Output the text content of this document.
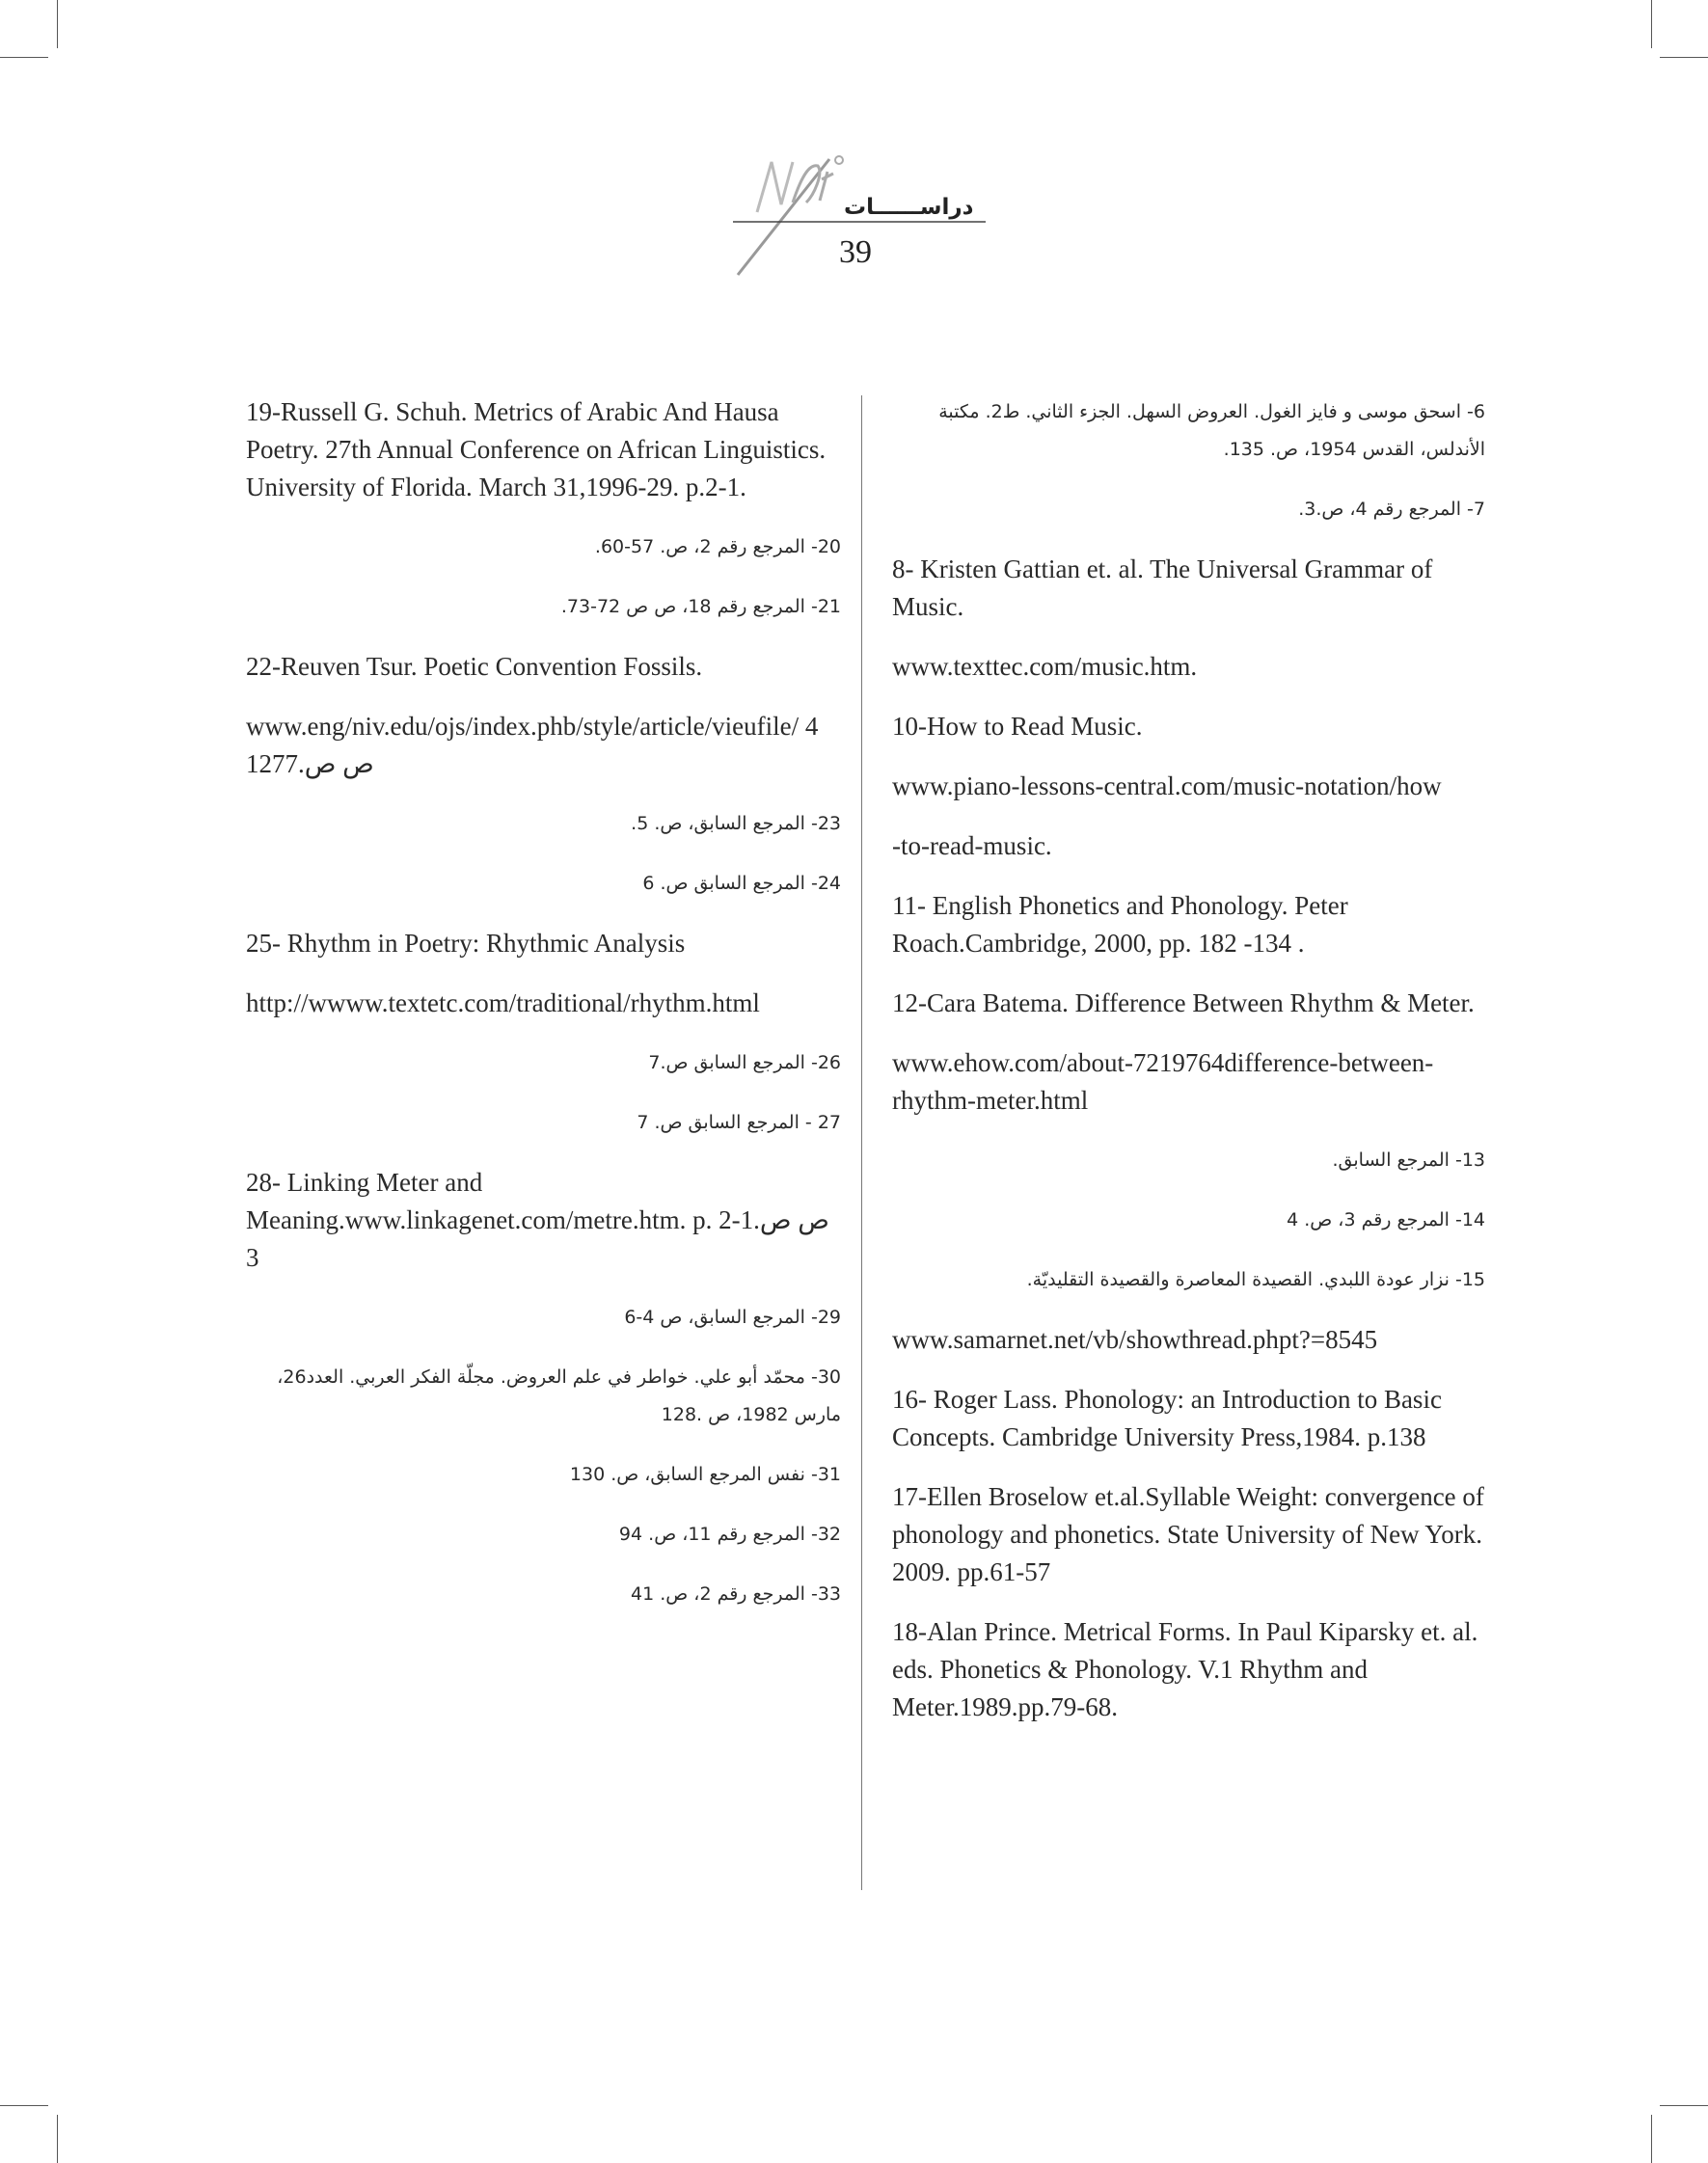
دراســــــات
39

19-Russell G. Schuh. Metrics of Arabic And Hausa Poetry. 27th Annual Conference on African Linguistics. University of Florida. March 31,1996-29. p.2-1.

20- المرجع رقم 2، ص. 57-60.

21- المرجع رقم 18، ص ص 72-73.

22-Reuven Tsur. Poetic Convention Fossils.

www.eng/niv.edu/ojs/index.phb/style/article/vieufile/ 4 ص ص.1277

23- المرجع السابق، ص. 5.

24- المرجع السابق ص. 6

25- Rhythm in Poetry: Rhythmic Analysis

http://wwww.textetc.com/traditional/rhythm.html

26- المرجع السابق ص.7

27 - المرجع السابق ص. 7

28- Linking Meter and Meaning.www.linkagenet.com/metre.htm. p. ص ص.1-2 3

29- المرجع السابق، ص 4-6

30- محمّد أبو علي. خواطر في علم العروض. مجلّة الفكر العربي. العدد26، مارس 1982، ص .128

31- نفس المرجع السابق، ص. 130

32- المرجع رقم 11، ص. 94

33- المرجع رقم 2، ص. 41

6- اسحق موسى و فايز الغول. العروض السهل. الجزء الثاني. ط2. مكتبة الأندلس، القدس 1954، ص. 135.

7- المرجع رقم 4، ص.3.

8- Kristen Gattian et. al. The Universal Grammar of Music.

www.texttec.com/music.htm.

10-How to Read Music.

www.piano-lessons-central.com/music-notation/how

-to-read-music.

11- English Phonetics and Phonology. Peter Roach.Cambridge, 2000, pp. 182 -134 .

12-Cara Batema. Difference Between Rhythm & Meter.

www.ehow.com/about-7219764difference-between-rhythm-meter.html

13- المرجع السابق.

14- المرجع رقم 3، ص. 4

15- نزار عودة اللبدي. القصيدة المعاصرة والقصيدة التقليديّة.

www.samarnet.net/vb/showthread.phpt?=8545

16- Roger Lass. Phonology: an Introduction to Basic Concepts. Cambridge University Press,1984. p.138

17-Ellen Broselow et.al.Syllable Weight: convergence of phonology and phonetics. State University of New York. 2009. pp.61-57

18-Alan Prince. Metrical Forms. In Paul Kiparsky et. al. eds. Phonetics & Phonology. V.1 Rhythm and Meter.1989.pp.79-68.
